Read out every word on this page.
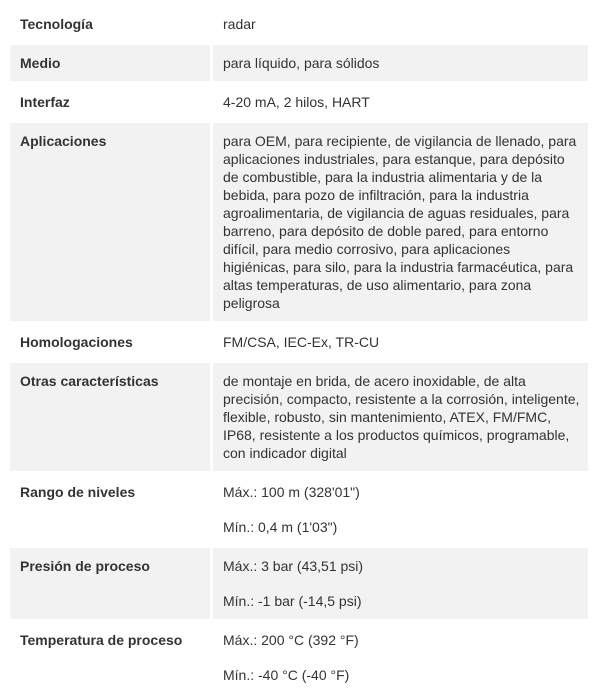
Tecnología	radar

Medio	para líquido, para sólidos

Interfaz	4-20 mA, 2 hilos, HART

Aplicaciones	para OEM, para recipiente, de vigilancia de llenado, para aplicaciones industriales, para estanque, para depósito de combustible, para la industria alimentaria y de la bebida, para pozo de infiltración, para la industria agroalimentaria, de vigilancia de aguas residuales, para barreno, para depósito de doble pared, para entorno difícil, para medio corrosivo, para aplicaciones higiénicas, para silo, para la industria farmacéutica, para altas temperaturas, de uso alimentario, para zona peligrosa

Homologaciones	FM/CSA, IEC-Ex, TR-CU

Otras características	de montaje en brida, de acero inoxidable, de alta precisión, compacto, resistente a la corrosión, inteligente, flexible, robusto, sin mantenimiento, ATEX, FM/FMC, IP68, resistente a los productos químicos, programable, con indicador digital

Rango de niveles	Máx.: 100 m (328'01")
Mín.: 0,4 m (1'03")

Presión de proceso	Máx.: 3 bar (43,51 psi)
Mín.: -1 bar (-14,5 psi)

Temperatura de proceso	Máx.: 200 °C (392 °F)
Mín.: -40 °C (-40 °F)
